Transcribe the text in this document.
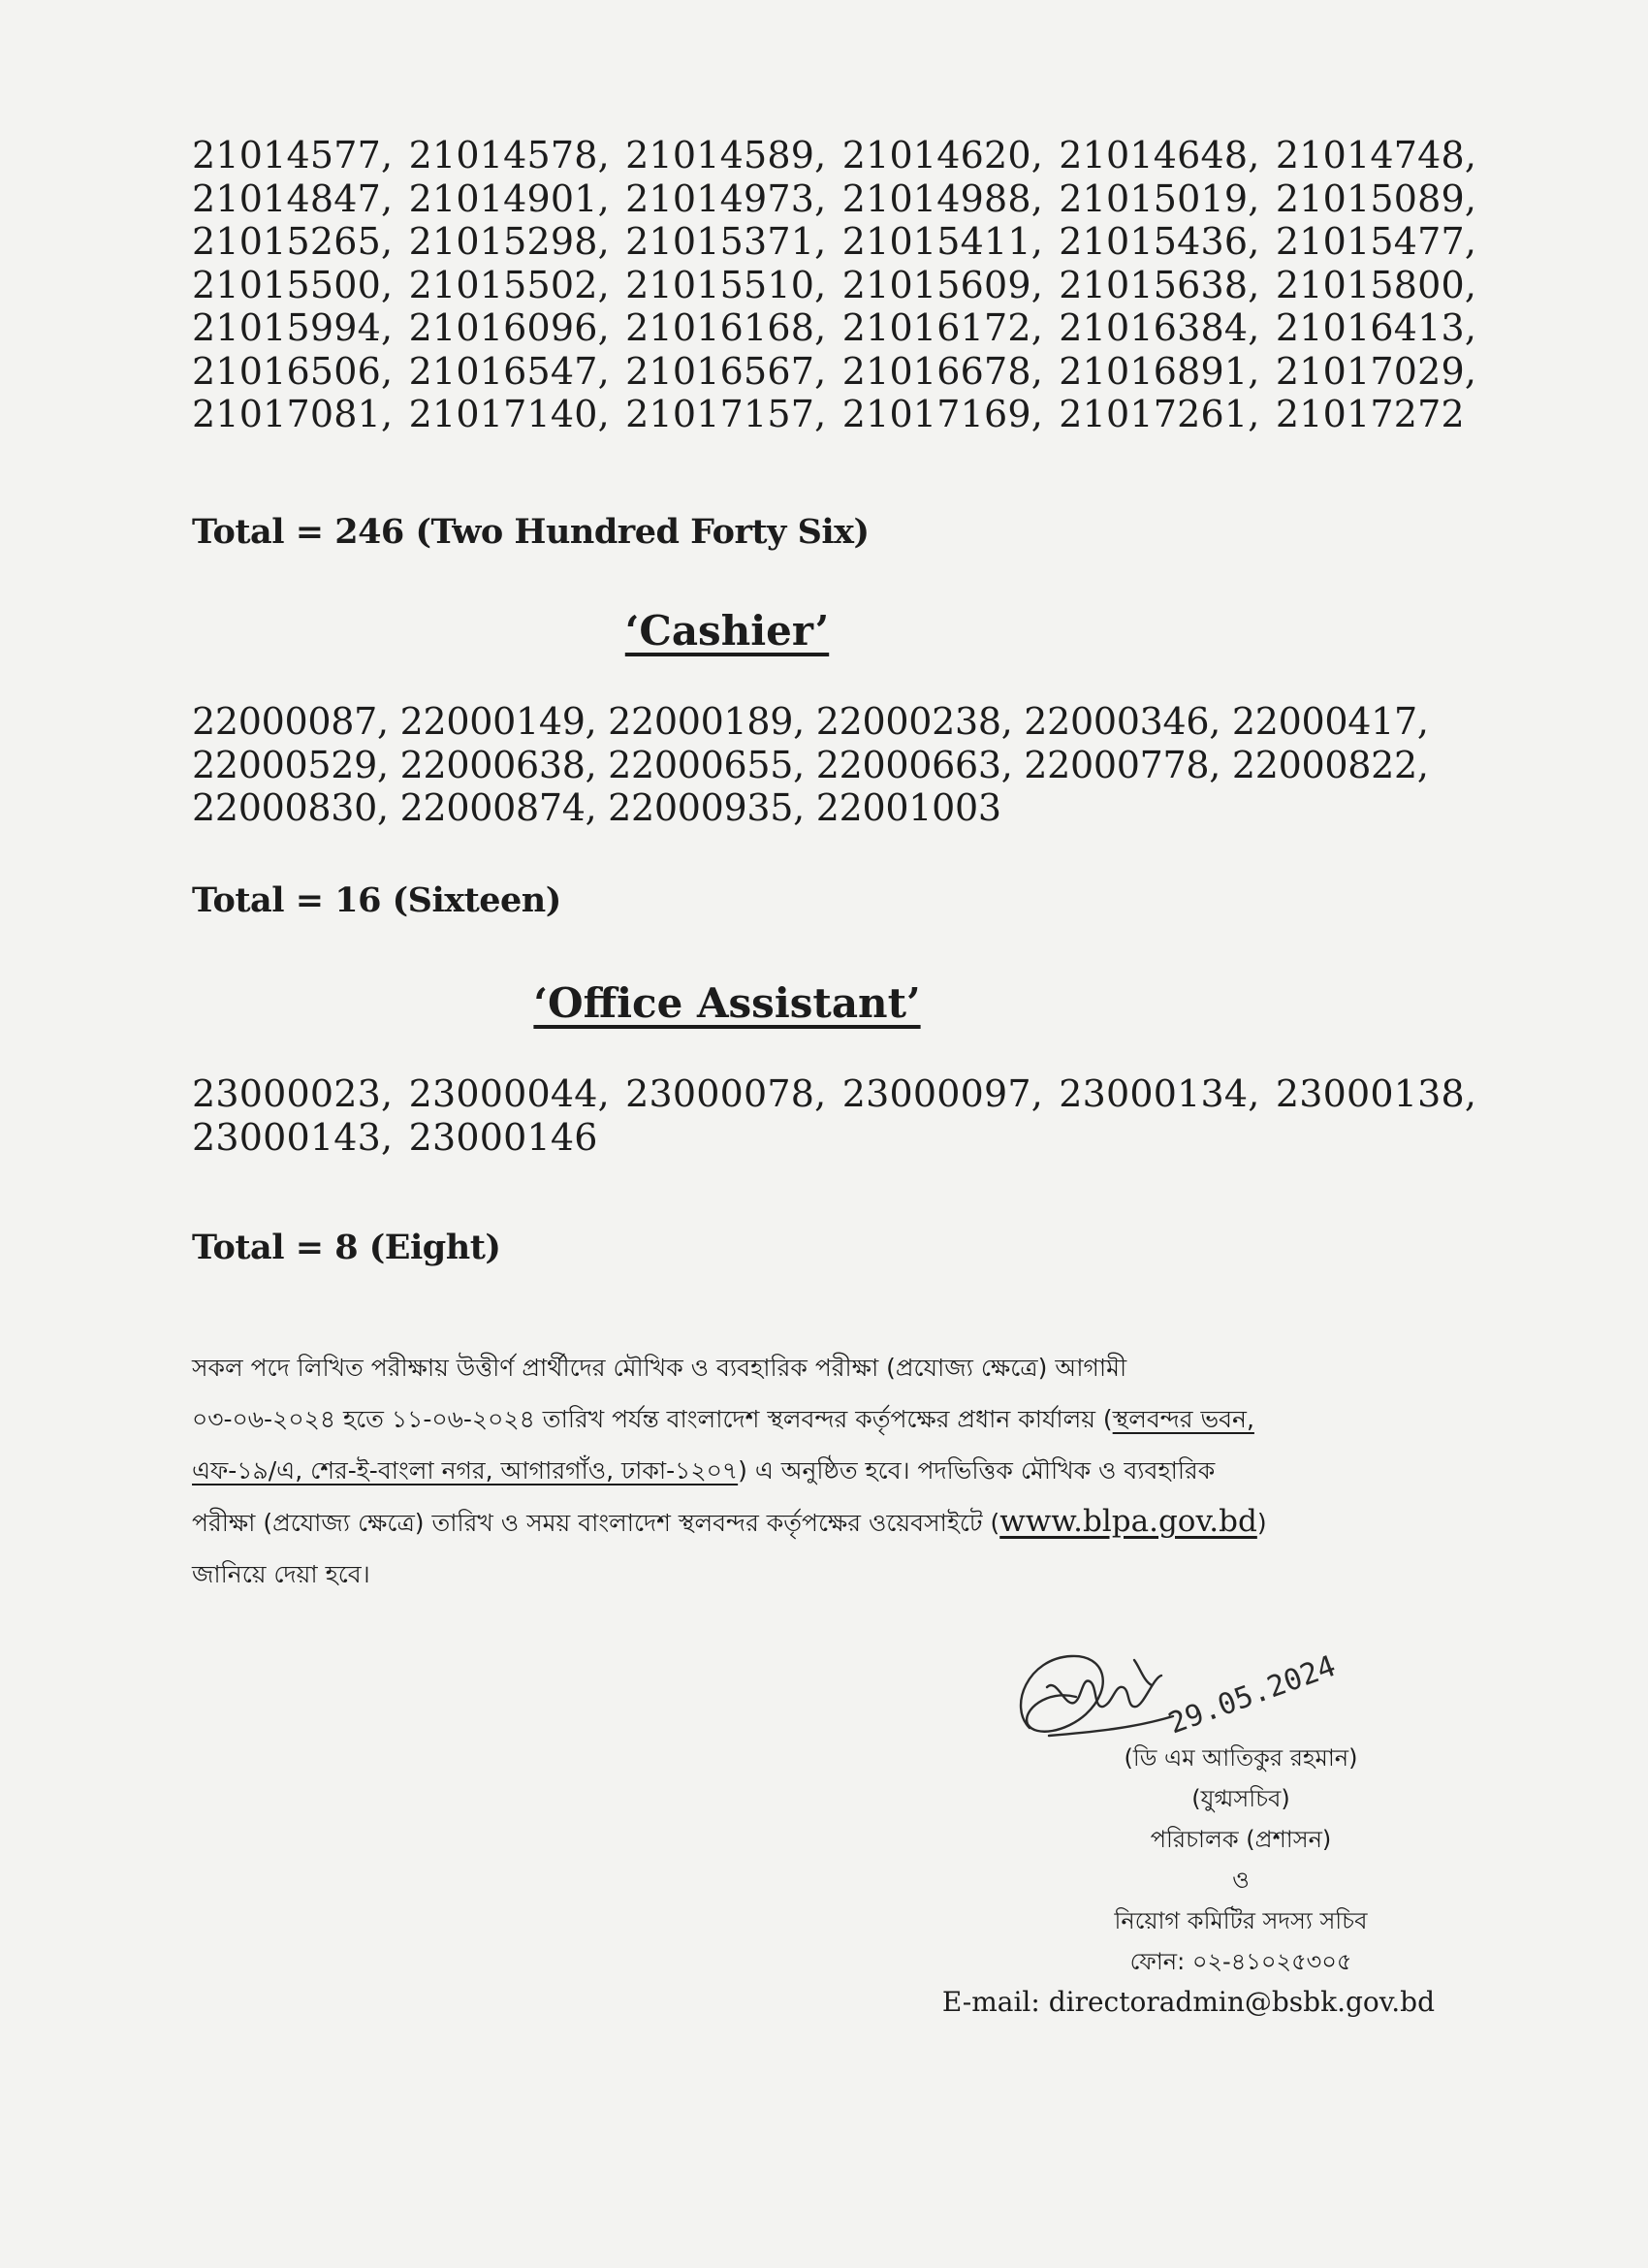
21014577, 21014578, 21014589, 21014620, 21014648, 21014748,
21014847, 21014901, 21014973, 21014988, 21015019, 21015089,
21015265, 21015298, 21015371, 21015411, 21015436, 21015477,
21015500, 21015502, 21015510, 21015609, 21015638, 21015800,
21015994, 21016096, 21016168, 21016172, 21016384, 21016413,
21016506, 21016547, 21016567, 21016678, 21016891, 21017029,
21017081, 21017140, 21017157, 21017169, 21017261, 21017272
Total = 246 (Two Hundred Forty Six)
‘Cashier’
22000087, 22000149, 22000189, 22000238, 22000346, 22000417,
22000529, 22000638, 22000655, 22000663, 22000778, 22000822,
22000830, 22000874, 22000935, 22001003
Total = 16 (Sixteen)
‘Office Assistant’
23000023, 23000044, 23000078, 23000097, 23000134, 23000138,
23000143, 23000146
Total = 8 (Eight)
সকল পদে লিখিত পরীক্ষায় উত্তীর্ণ প্রার্থীদের মৌখিক ও ব্যবহারিক পরীক্ষা (প্রযোজ্য ক্ষেত্রে) আগামী
০৩-০৬-২০২৪ হতে ১১-০৬-২০২৪ তারিখ পর্যন্ত বাংলাদেশ স্থলবন্দর কর্তৃপক্ষের প্রধান কার্যালয় (স্থলবন্দর ভবন,
এফ-১৯/এ, শের-ই-বাংলা নগর, আগারগাঁও, ঢাকা-১২০৭) এ অনুষ্ঠিত হবে। পদভিত্তিক মৌখিক ও ব্যবহারিক
পরীক্ষা (প্রযোজ্য ক্ষেত্রে) তারিখ ও সময় বাংলাদেশ স্থলবন্দর কর্তৃপক্ষের ওয়েবসাইটে (www.blpa.gov.bd)
জানিয়ে দেয়া হবে।
29.05.2024
(ডি এম আতিকুর রহমান)
(যুগ্মসচিব)
পরিচালক (প্রশাসন)
ও
নিয়োগ কমিটির সদস্য সচিব
ফোন: ০২-৪১০২৫৩০৫
E-mail: directoradmin@bsbk.gov.bd
